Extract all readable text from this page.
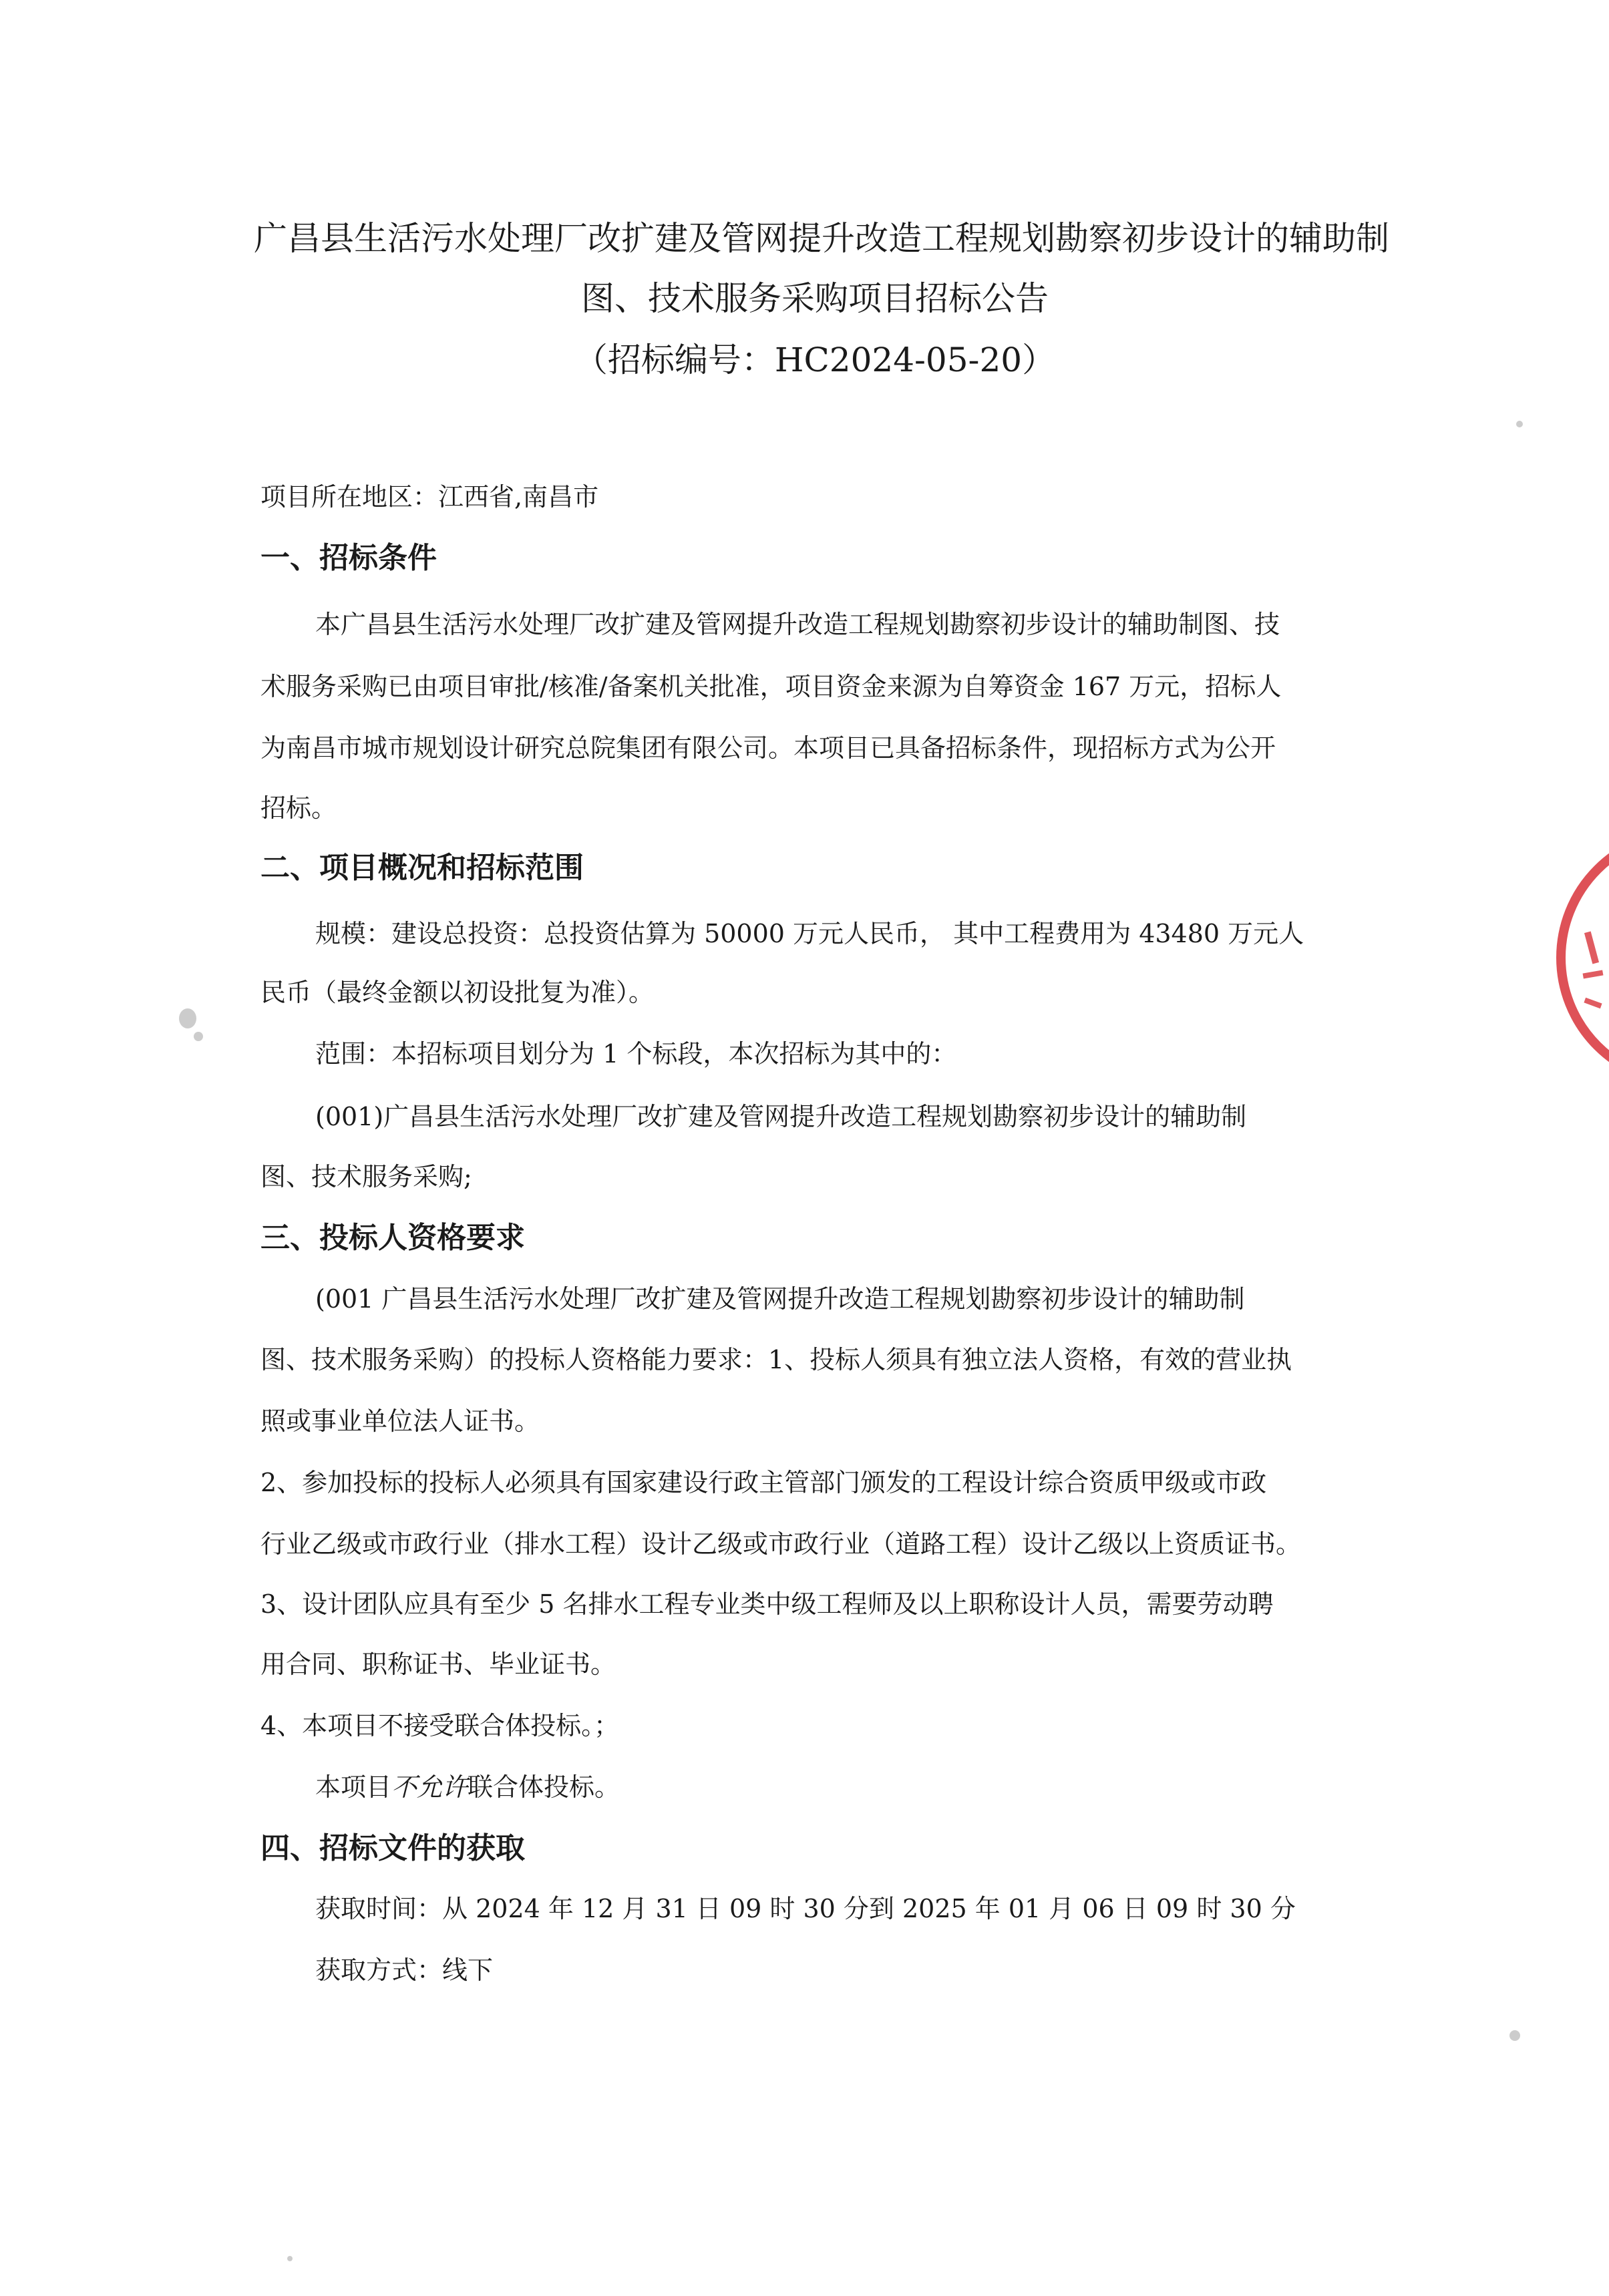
广昌县生活污水处理厂改扩建及管网提升改造工程规划勘察初步设计的辅助制
图、技术服务采购项目招标公告
（招标编号：HC2024-05-20）
项目所在地区：江西省,南昌市
一、招标条件
本广昌县生活污水处理厂改扩建及管网提升改造工程规划勘察初步设计的辅助制图、技
术服务采购已由项目审批/核准/备案机关批准，项目资金来源为自筹资金 167 万元，招标人
为南昌市城市规划设计研究总院集团有限公司。本项目已具备招标条件，现招标方式为公开
招标。
二、项目概况和招标范围
规模：建设总投资：总投资估算为 50000 万元人民币， 其中工程费用为 43480 万元人
民币（最终金额以初设批复为准）。
范围：本招标项目划分为 1 个标段，本次招标为其中的：
(001)广昌县生活污水处理厂改扩建及管网提升改造工程规划勘察初步设计的辅助制
图、技术服务采购;
三、投标人资格要求
(001 广昌县生活污水处理厂改扩建及管网提升改造工程规划勘察初步设计的辅助制
图、技术服务采购）的投标人资格能力要求：1、投标人须具有独立法人资格，有效的营业执
照或事业单位法人证书。
2、参加投标的投标人必须具有国家建设行政主管部门颁发的工程设计综合资质甲级或市政
行业乙级或市政行业（排水工程）设计乙级或市政行业（道路工程）设计乙级以上资质证书。
3、设计团队应具有至少 5 名排水工程专业类中级工程师及以上职称设计人员，需要劳动聘
用合同、职称证书、毕业证书。
4、本项目不接受联合体投标。；
本项目不允许联合体投标。
四、招标文件的获取
获取时间：从 2024 年 12 月 31 日 09 时 30 分到 2025 年 01 月 06 日 09 时 30 分
获取方式：线下
